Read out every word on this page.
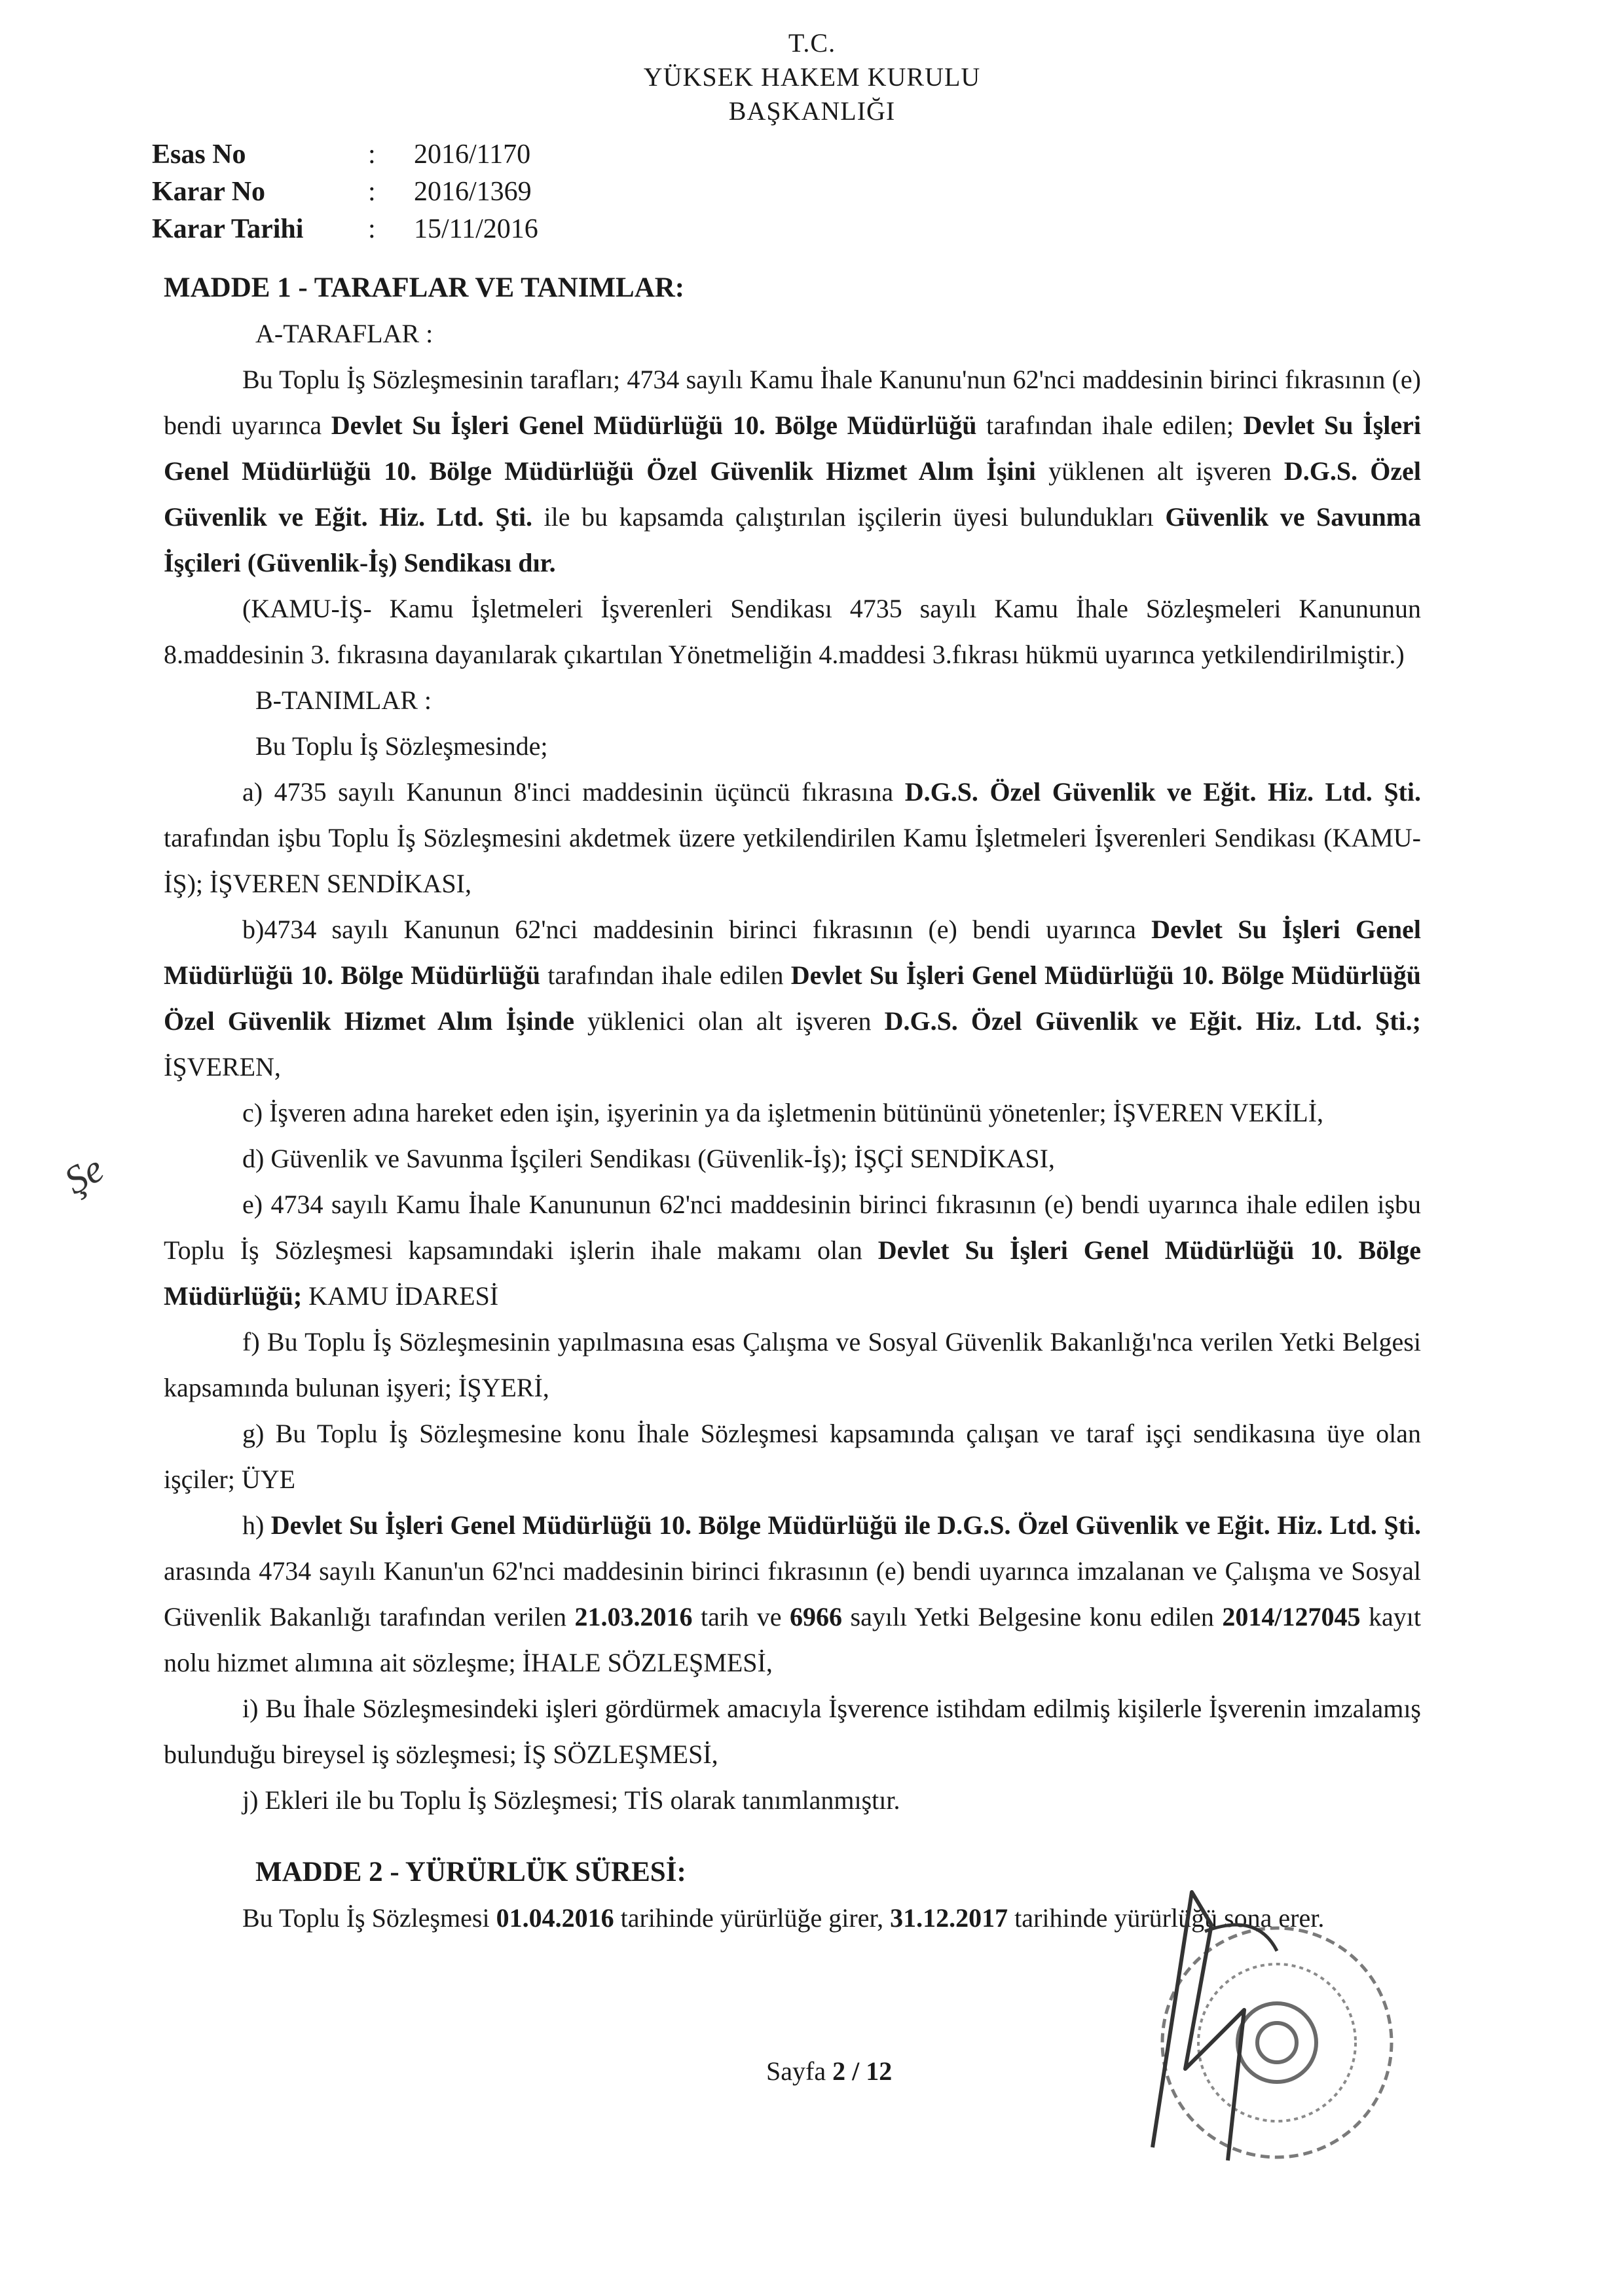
T.C.
YÜKSEK HAKEM KURULU
BAŞKANLIĞI
Esas No	:	2016/1170
Karar No	:	2016/1369
Karar Tarihi	:	15/11/2016
MADDE 1 - TARAFLAR VE TANIMLAR:
A-TARAFLAR :

Bu Toplu İş Sözleşmesinin tarafları; 4734 sayılı Kamu İhale Kanunu'nun 62'nci maddesinin birinci fıkrasının (e) bendi uyarınca Devlet Su İşleri Genel Müdürlüğü 10. Bölge Müdürlüğü tarafından ihale edilen; Devlet Su İşleri Genel Müdürlüğü 10. Bölge Müdürlüğü Özel Güvenlik Hizmet Alım İşini yüklenen alt işveren D.G.S. Özel Güvenlik ve Eğit. Hiz. Ltd. Şti. ile bu kapsamda çalıştırılan işçilerin üyesi bulundukları Güvenlik ve Savunma İşçileri (Güvenlik-İş) Sendikası dır.

(KAMU-İŞ- Kamu İşletmeleri İşverenleri Sendikası 4735 sayılı Kamu İhale Sözleşmeleri Kanununun 8.maddesinin 3. fıkrasına dayanılarak çıkartılan Yönetmeliğin 4.maddesi 3.fıkrası hükmü uyarınca yetkilendirilmiştir.)

B-TANIMLAR :
Bu Toplu İş Sözleşmesinde;

a) 4735 sayılı Kanunun 8'inci maddesinin üçüncü fıkrasına D.G.S. Özel Güvenlik ve Eğit. Hiz. Ltd. Şti. tarafından işbu Toplu İş Sözleşmesini akdetmek üzere yetkilendirilen Kamu İşletmeleri İşverenleri Sendikası (KAMU-İŞ); İŞVEREN SENDİKASI,

b)4734 sayılı Kanunun 62'nci maddesinin birinci fıkrasının (e) bendi uyarınca Devlet Su İşleri Genel Müdürlüğü 10. Bölge Müdürlüğü tarafından ihale edilen Devlet Su İşleri Genel Müdürlüğü 10. Bölge Müdürlüğü Özel Güvenlik Hizmet Alım İşinde yüklenici olan alt işveren D.G.S. Özel Güvenlik ve Eğit. Hiz. Ltd. Şti.; İŞVEREN,

c) İşveren adına hareket eden işin, işyerinin ya da işletmenin bütününü yönetenler; İŞVEREN VEKİLİ,

d) Güvenlik ve Savunma İşçileri Sendikası (Güvenlik-İş); İŞÇİ SENDİKASI,

e) 4734 sayılı Kamu İhale Kanununun 62'nci maddesinin birinci fıkrasının (e) bendi uyarınca ihale edilen işbu Toplu İş Sözleşmesi kapsamındaki işlerin ihale makamı olan Devlet Su İşleri Genel Müdürlüğü 10. Bölge Müdürlüğü; KAMU İDARESİ

f) Bu Toplu İş Sözleşmesinin yapılmasına esas Çalışma ve Sosyal Güvenlik Bakanlığı'nca verilen Yetki Belgesi kapsamında bulunan işyeri; İŞYERİ,

g) Bu Toplu İş Sözleşmesine konu İhale Sözleşmesi kapsamında çalışan ve taraf işçi sendikasına üye olan işçiler; ÜYE

h) Devlet Su İşleri Genel Müdürlüğü 10. Bölge Müdürlüğü ile D.G.S. Özel Güvenlik ve Eğit. Hiz. Ltd. Şti. arasında 4734 sayılı Kanun'un 62'nci maddesinin birinci fıkrasının (e) bendi uyarınca imzalanan ve Çalışma ve Sosyal Güvenlik Bakanlığı tarafından verilen 21.03.2016 tarih ve 6966 sayılı Yetki Belgesine konu edilen 2014/127045 kayıt nolu hizmet alımına ait sözleşme; İHALE SÖZLEŞMESİ,

i) Bu İhale Sözleşmesindeki işleri gördürmek amacıyla İşverence istihdam edilmiş kişilerle İşverenin imzalamış bulunduğu bireysel iş sözleşmesi; İŞ SÖZLEŞMESİ,

j) Ekleri ile bu Toplu İş Sözleşmesi; TİS olarak tanımlanmıştır.

MADDE 2 - YÜRÜRLÜK SÜRESİ:

Bu Toplu İş Sözleşmesi 01.04.2016 tarihinde yürürlüğe girer, 31.12.2017 tarihinde yürürlüğü sona erer.

Şe
Sayfa 2 / 12
